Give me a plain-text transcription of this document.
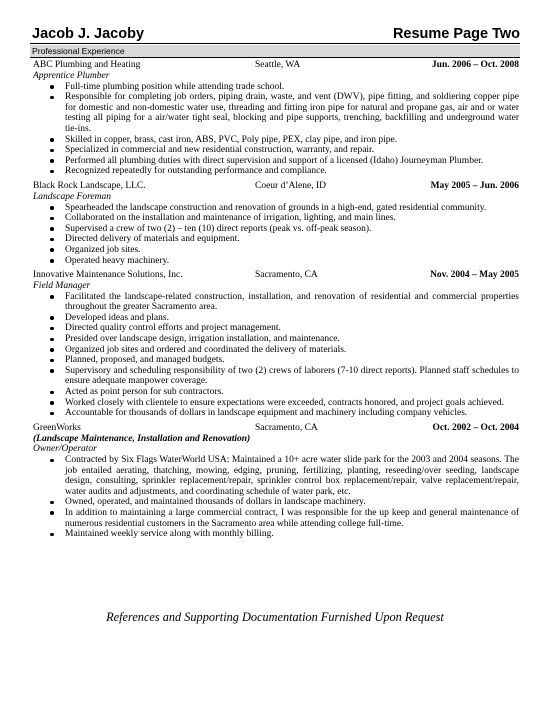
Jacob J. Jacoby	Resume Page Two
Professional Experience
ABC Plumbing and Heating	Seattle, WA	Jun. 2006 – Oct. 2008
Apprentice Plumber
Full-time plumbing position while attending trade school.
Responsible for completing job orders, piping drain, waste, and vent (DWV), pipe fitting, and soldiering copper pipe for domestic and non-domestic water use, threading and fitting iron pipe for natural and propane gas, air and or water testing all piping for a air/water tight seal, blocking and pipe supports, trenching, backfilling and underground water tie-ins.
Skilled in copper, brass, cast iron, ABS, PVC, Poly pipe, PEX, clay pipe, and iron pipe.
Specialized in commercial and new residential construction, warranty, and repair.
Performed all plumbing duties with direct supervision and support of a licensed (Idaho) Journeyman Plumber.
Recognized repeatedly for outstanding performance and compliance.
Black Rock Landscape, LLC.	Coeur d’Alene, ID	May 2005 – Jun. 2006
Landscape Foreman
Spearheaded the landscape construction and renovation of grounds in a high-end, gated residential community.
Collaborated on the installation and maintenance of irrigation, lighting, and main lines.
Supervised a crew of two (2) – ten (10) direct reports (peak vs. off-peak season).
Directed delivery of materials and equipment.
Organized job sites.
Operated heavy machinery.
Innovative Maintenance Solutions, Inc.	Sacramento, CA	Nov. 2004 – May 2005
Field Manager
Facilitated the landscape-related construction, installation, and renovation of residential and commercial properties throughout the greater Sacramento area.
Developed ideas and plans.
Directed quality control efforts and project management.
Presided over landscape design, irrigation installation, and maintenance.
Organized job sites and ordered and coordinated the delivery of materials.
Planned, proposed, and managed budgets.
Supervisory and scheduling responsibility of two (2) crews of laborers (7-10 direct reports). Planned staff schedules to ensure adequate manpower coverage.
Acted as point person for sub contractors.
Worked closely with clientele to ensure expectations were exceeded, contracts honored, and project goals achieved.
Accountable for thousands of dollars in landscape equipment and machinery including company vehicles.
GreenWorks	Sacramento, CA	Oct. 2002 – Oct. 2004
(Landscape Maintenance, Installation and Renovation)
Owner/Operator
Contracted by Six Flags WaterWorld USA: Maintained a 10+ acre water slide park for the 2003 and 2004 seasons. The job entailed aerating, thatching, mowing, edging, pruning, fertilizing, planting, reseeding/over seeding, landscape design, consulting, sprinkler replacement/repair, sprinkler control box replacement/repair, valve replacement/repair, water audits and adjustments, and coordinating schedule of water park, etc.
Owned, operated, and maintained thousands of dollars in landscape machinery.
In addition to maintaining a large commercial contract, I was responsible for the up keep and general maintenance of numerous residential customers in the Sacramento area while attending college full-time.
Maintained weekly service along with monthly billing.
References and Supporting Documentation Furnished Upon Request
